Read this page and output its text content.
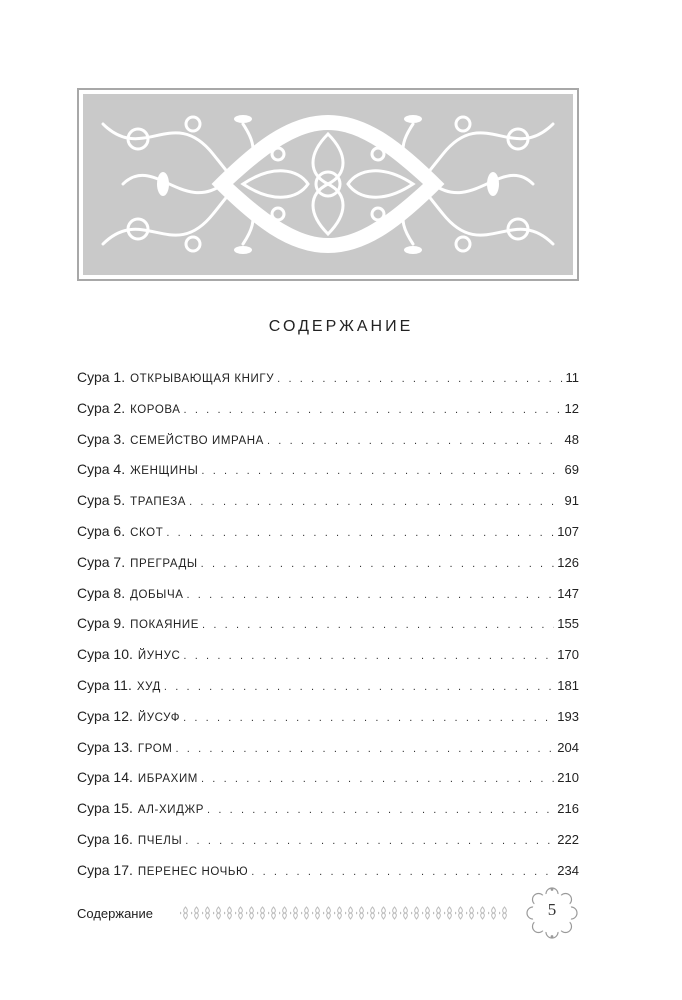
СОДЕРЖАНИЕ
Сура 1. ОТКРЫВАЮЩАЯ КНИГУ . . .	11
Сура 2. КОРОВА . . .	12
Сура 3. СЕМЕЙСТВО ИМРАНА . . .	48
Сура 4. ЖЕНЩИНЫ . . .	69
Сура 5. ТРАПЕЗА . . .	91
Сура 6. СКОТ . . .	107
Сура 7. ПРЕГРАДЫ . . .	126
Сура 8. ДОБЫЧА . . .	147
Сура 9. ПОКАЯНИЕ . . .	155
Сура 10. ЙУНУС . . .	170
Сура 11. ХУД . . .	181
Сура 12. ЙУСУФ . . .	193
Сура 13. ГРОМ . . .	204
Сура 14. ИБРАХИМ . . .	210
Сура 15. АЛ-ХИДЖР . . .	216
Сура 16. ПЧЕЛЫ . . .	222
Сура 17. ПЕРЕНЕС НОЧЬЮ . . .	234
Содержание	5
